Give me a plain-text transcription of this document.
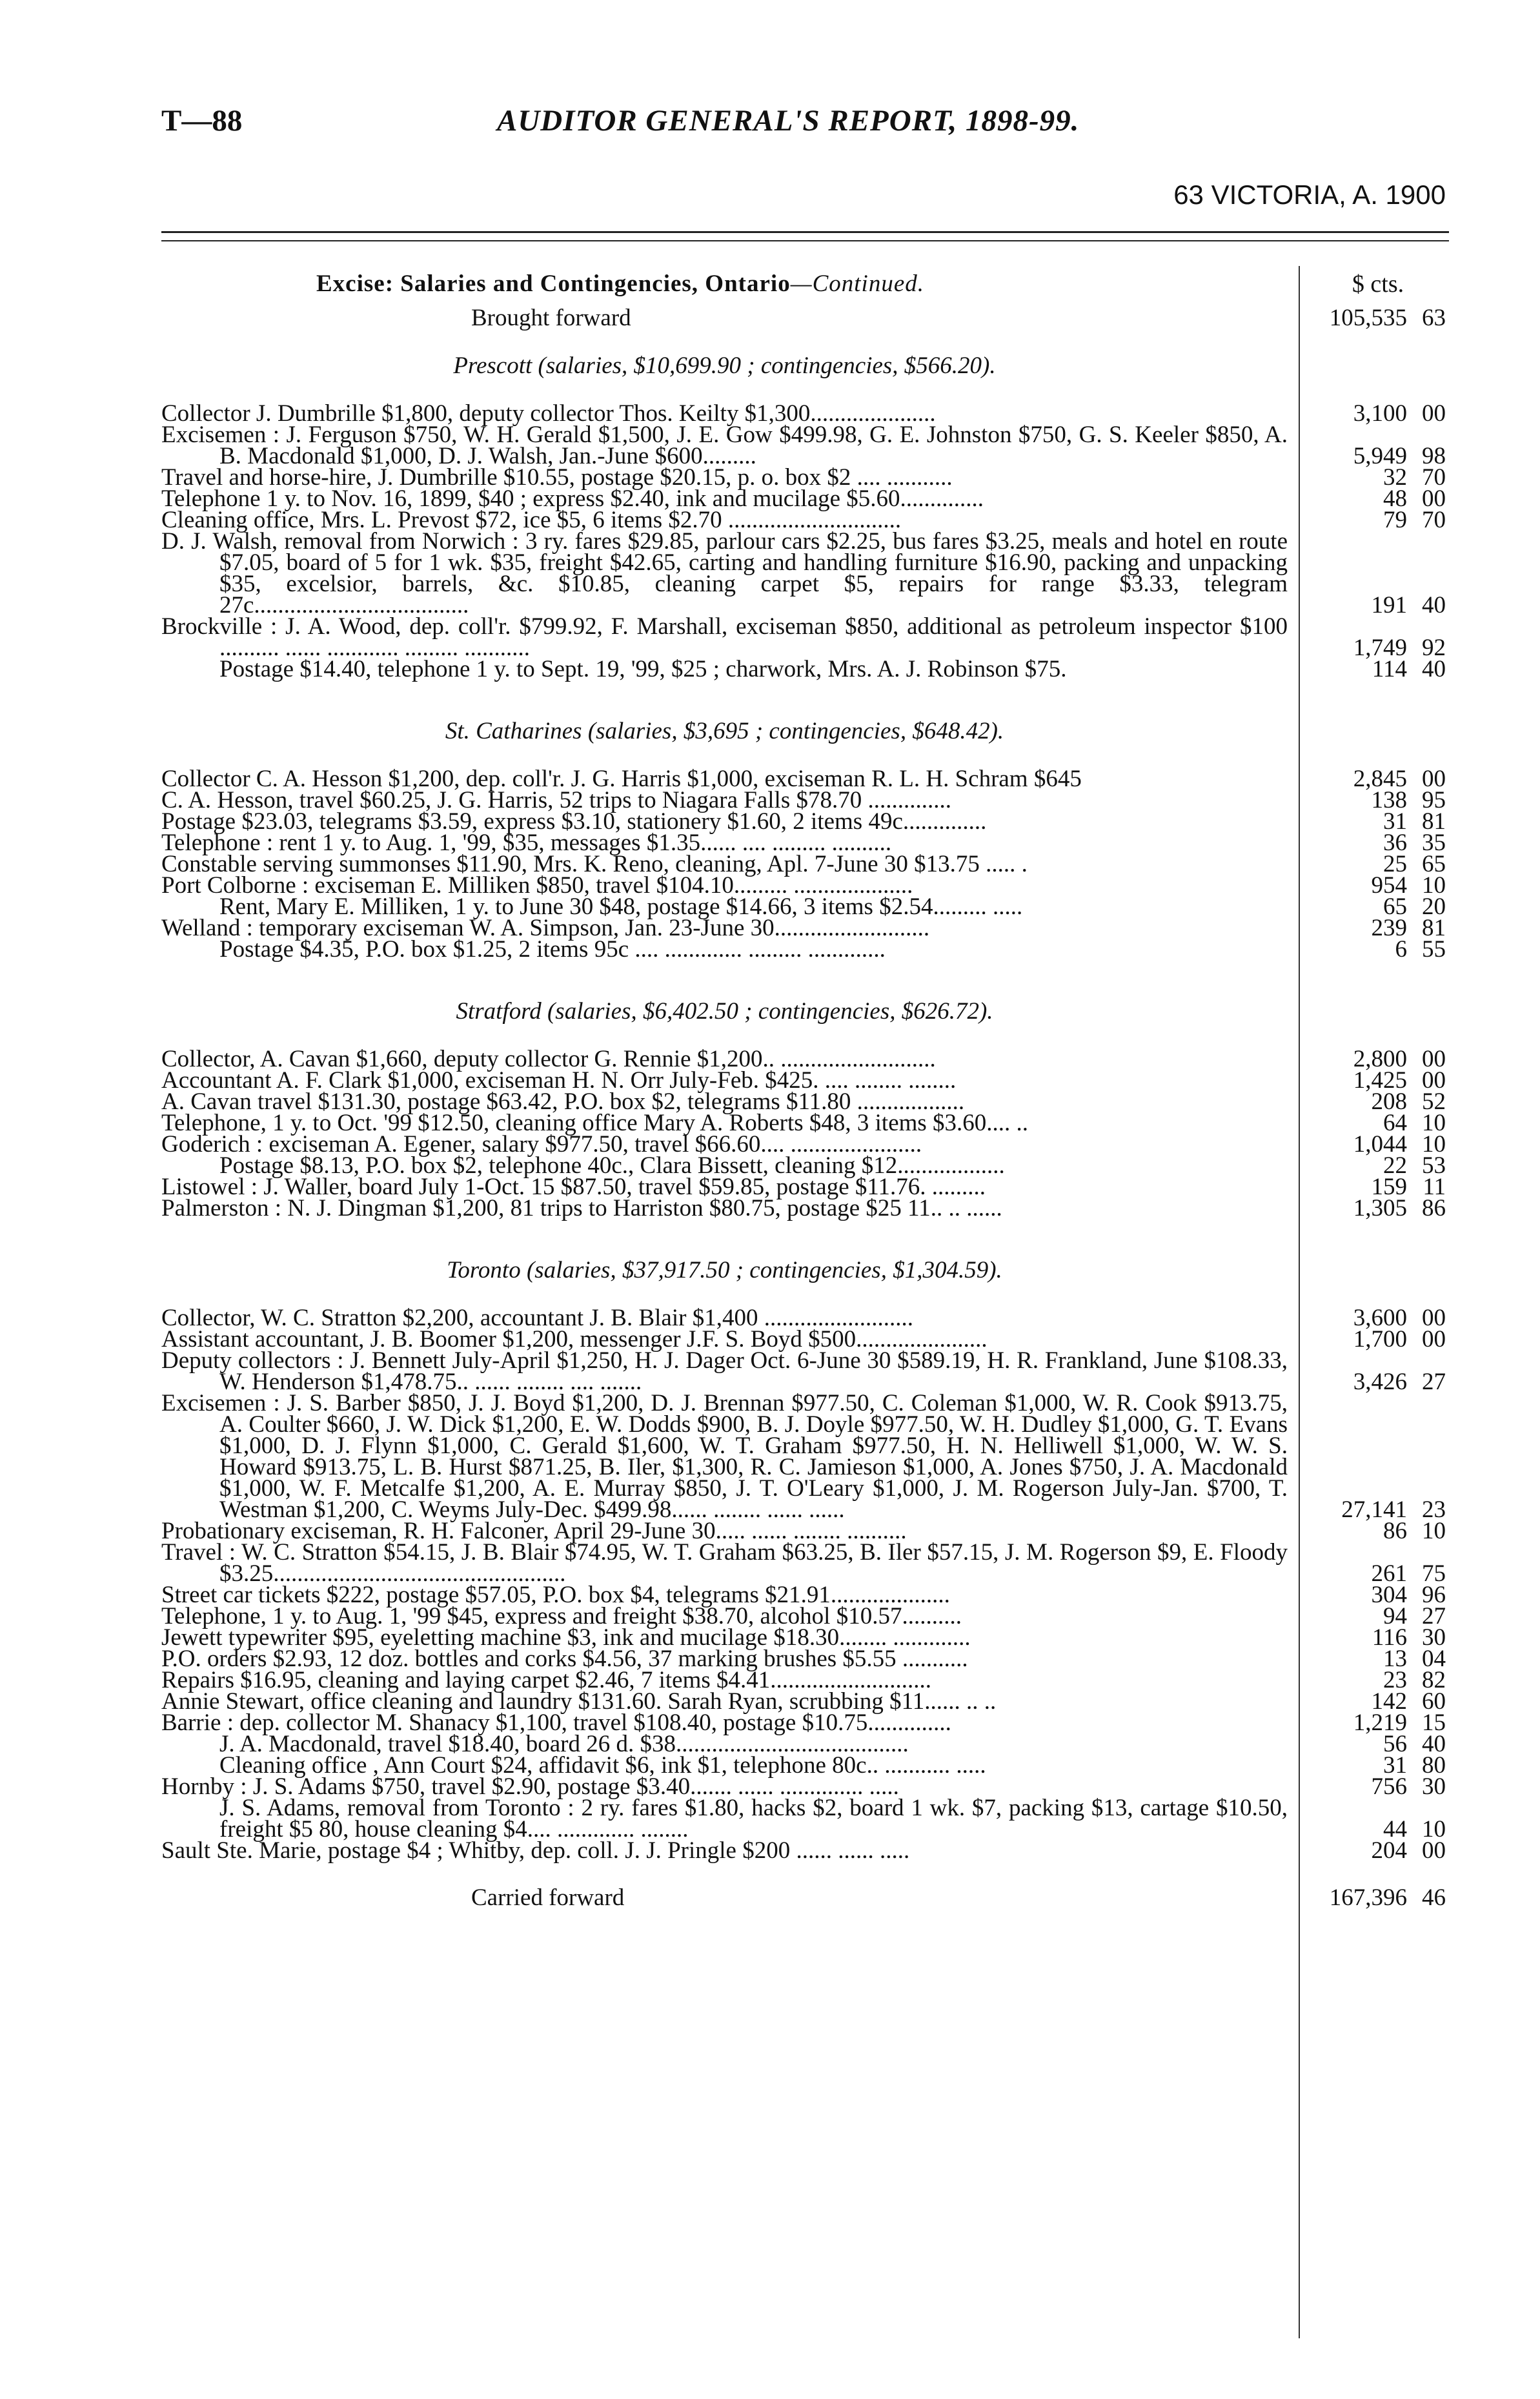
T—88	AUDITOR GENERAL'S REPORT, 1898-99.
63 VICTORIA, A. 1900
Excise: Salaries and Contingencies, Ontario—Continued.	$ cts.
Brought forward	105,535 63
Prescott (salaries, $10,699.90 ; contingencies, $566.20).
Collector J. Dumbrille $1,800, deputy collector Thos. Keilty $1,300.....................	3,100 00
Excisemen : J. Ferguson $750, W. H. Gerald $1,500, J. E. Gow $499.98, G. E. Johnston $750, G. S. Keeler $850, A. B. Macdonald $1,000, D. J. Walsh, Jan.-June $600.........	5,949 98
Travel and horse-hire, J. Dumbrille $10.55, postage $20.15, p. o. box $2 .... ...........	32 70
Telephone 1 y. to Nov. 16, 1899, $40 ; express $2.40, ink and mucilage $5.60..............	48 00
Cleaning office, Mrs. L. Prevost $72, ice $5, 6 items $2.70 .............................	79 70
D. J. Walsh, removal from Norwich : 3 ry. fares $29.85, parlour cars $2.25, bus fares $3.25, meals and hotel en route $7.05, board of 5 for 1 wk. $35, freight $42.65, carting and handling furniture $16.90, packing and unpacking $35, excelsior, barrels, &c. $10.85, cleaning carpet $5, repairs for range $3.33, telegram 27c....................................	191 40
Brockville : J. A. Wood, dep. coll'r. $799.92, F. Marshall, exciseman $850, additional as petroleum inspector $100 .......... ...... ............ ......... ...........	1,749 92
Postage $14.40, telephone 1 y. to Sept. 19, '99, $25 ; charwork, Mrs. A. J. Robinson $75.	114 40
St. Catharines (salaries, $3,695 ; contingencies, $648.42).
Collector C. A. Hesson $1,200, dep. coll'r. J. G. Harris $1,000, exciseman R. L. H. Schram $645	2,845 00
C. A. Hesson, travel $60.25, J. G. Harris, 52 trips to Niagara Falls $78.70 ..............	138 95
Postage $23.03, telegrams $3.59, express $3.10, stationery $1.60, 2 items 49c..............	31 81
Telephone : rent 1 y. to Aug. 1, '99, $35, messages $1.35...... .... ......... ..........	36 35
Constable serving summonses $11.90, Mrs. K. Reno, cleaning, Apl. 7-June 30 $13.75 ..... .	25 65
Port Colborne : exciseman E. Milliken $850, travel $104.10......... ....................	954 10
Rent, Mary E. Milliken, 1 y. to June 30 $48, postage $14.66, 3 items $2.54......... .....	65 20
Welland : temporary exciseman W. A. Simpson, Jan. 23-June 30..........................	239 81
Postage $4.35, P.O. box $1.25, 2 items 95c .... ............. ......... .............	6 55
Stratford (salaries, $6,402.50 ; contingencies, $626.72).
Collector, A. Cavan $1,660, deputy collector G. Rennie $1,200.. ..........................	2,800 00
Accountant A. F. Clark $1,000, exciseman H. N. Orr July-Feb. $425. .... ........ ........	1,425 00
A. Cavan travel $131.30, postage $63.42, P.O. box $2, telegrams $11.80 ..................	208 52
Telephone, 1 y. to Oct. '99 $12.50, cleaning office Mary A. Roberts $48, 3 items $3.60.... ..	64 10
Goderich : exciseman A. Egener, salary $977.50, travel $66.60.... ......................	1,044 10
Postage $8.13, P.O. box $2, telephone 40c., Clara Bissett, cleaning $12..................	22 53
Listowel : J. Waller, board July 1-Oct. 15 $87.50, travel $59.85, postage $11.76. .........	159 11
Palmerston : N. J. Dingman $1,200, 81 trips to Harriston $80.75, postage $25 11.. .. ......	1,305 86
Toronto (salaries, $37,917.50 ; contingencies, $1,304.59).
Collector, W. C. Stratton $2,200, accountant J. B. Blair $1,400 .........................	3,600 00
Assistant accountant, J. B. Boomer $1,200, messenger J.F. S. Boyd $500......................	1,700 00
Deputy collectors : J. Bennett July-April $1,250, H. J. Dager Oct. 6-June 30 $589.19, H. R. Frankland, June $108.33, W. Henderson $1,478.75.. ...... ........ .... .......	3,426 27
Excisemen : J. S. Barber $850, J. J. Boyd $1,200, D. J. Brennan $977.50, C. Coleman $1,000, W. R. Cook $913.75, A. Coulter $660, J. W. Dick $1,200, E. W. Dodds $900, B. J. Doyle $977.50, W. H. Dudley $1,000, G. T. Evans $1,000, D. J. Flynn $1,000, C. Gerald $1,600, W. T. Graham $977.50, H. N. Helliwell $1,000, W. W. S. Howard $913.75, L. B. Hurst $871.25, B. Iler, $1,300, R. C. Jamieson $1,000, A. Jones $750, J. A. Macdonald $1,000, W. F. Metcalfe $1,200, A. E. Murray $850, J. T. O'Leary $1,000, J. M. Rogerson July-Jan. $700, T. Westman $1,200, C. Weyms July-Dec. $499.98...... ........ ...... ......	27,141 23
Probationary exciseman, R. H. Falconer, April 29-June 30..... ...... ........ ..........	86 10
Travel : W. C. Stratton $54.15, J. B. Blair $74.95, W. T. Graham $63.25, B. Iler $57.15, J. M. Rogerson $9, E. Floody $3.25.................................................	261 75
Street car tickets $222, postage $57.05, P.O. box $4, telegrams $21.91....................	304 96
Telephone, 1 y. to Aug. 1, '99 $45, express and freight $38.70, alcohol $10.57..........	94 27
Jewett typewriter $95, eyeletting machine $3, ink and mucilage $18.30........ .............	116 30
P.O. orders $2.93, 12 doz. bottles and corks $4.56, 37 marking brushes $5.55 ...........	13 04
Repairs $16.95, cleaning and laying carpet $2.46, 7 items $4.41...........................	23 82
Annie Stewart, office cleaning and laundry $131.60. Sarah Ryan, scrubbing $11...... .. ..	142 60
Barrie : dep. collector M. Shanacy $1,100, travel $108.40, postage $10.75..............	1,219 15
J. A. Macdonald, travel $18.40, board 26 d. $38.......................................	56 40
Cleaning office , Ann Court $24, affidavit $6, ink $1, telephone 80c.. ........... .....	31 80
Hornby : J. S. Adams $750, travel $2.90, postage $3.40....... ...... .............. .....	756 30
J. S. Adams, removal from Toronto : 2 ry. fares $1.80, hacks $2, board 1 wk. $7, packing $13, cartage $10.50, freight $5 80, house cleaning $4.... ............. ........	44 10
Sault Ste. Marie, postage $4 ; Whitby, dep. coll. J. J. Pringle $200 ...... ...... .....	204 00
Carried forward	167,396 46
